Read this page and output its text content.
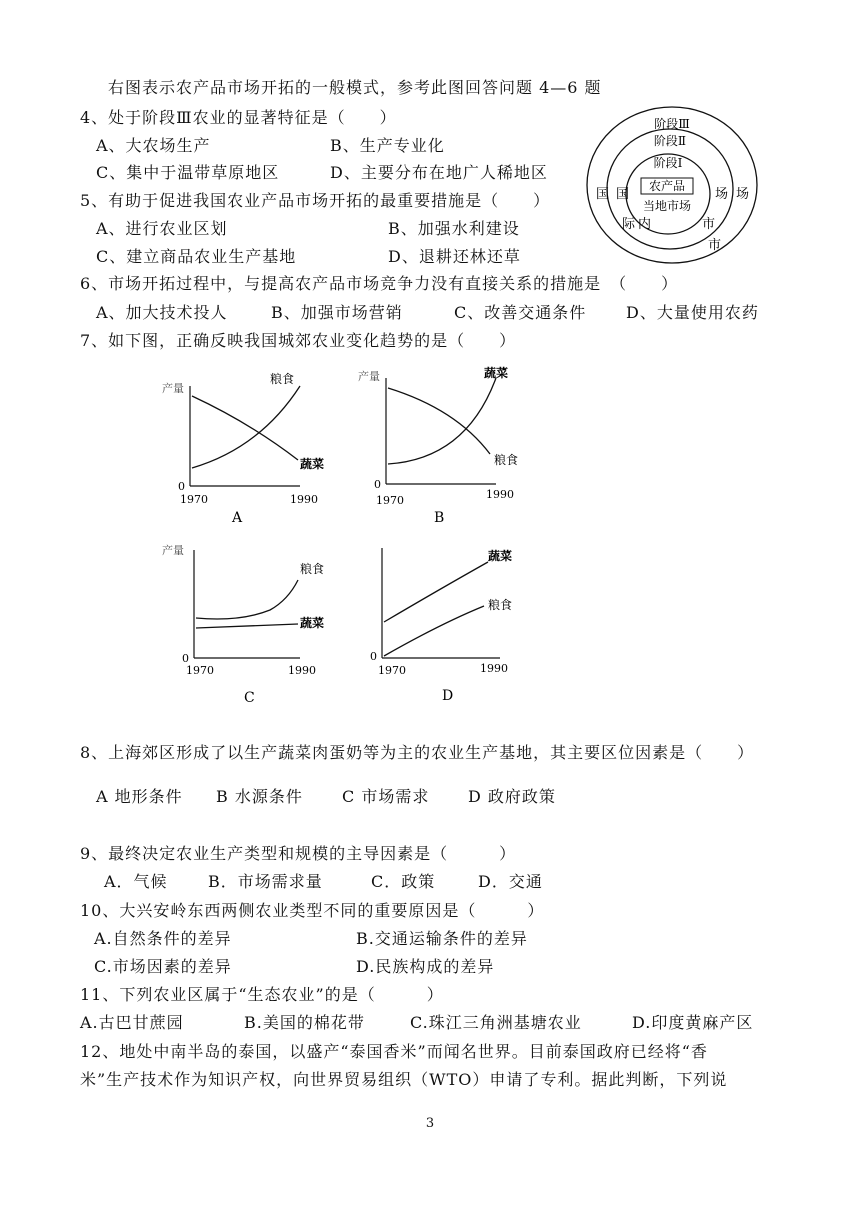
右图表示农产品市场开拓的一般模式，参考此图回答问题 4—6 题
4、处于阶段Ⅲ农业的显著特征是（　　）
A、大农场生产	B、生产专业化
C、集中于温带草原地区	D、主要分布在地广人稀地区
5、有助于促进我国农业产品市场开拓的最重要措施是（　　）
A、进行农业区划	B、加强水利建设
C、建立商品农业生产基地	D、退耕还林还草
阶段Ⅲ
阶段Ⅱ
阶段Ⅰ
农产品
当地市场
国 国
际 内	市
市
场 场
6、市场开拓过程中，与提高农产品市场竞争力没有直接关系的措施是　（　　）
A、加大技术投人	B、加强市场营销	C、改善交通条件 D、大量使用农药
7、如下图，正确反映我国城郊农业变化趋势的是（　　）
产量
粮食
蔬菜
0
1970	1990
A
产量	蔬菜
粮食
0
1970	1990
B
产量
粮食
蔬菜
0
1970	1990
C
蔬菜
粮食
0
1970	1990
D
8、上海郊区形成了以生产蔬菜肉蛋奶等为主的农业生产基地，其主要区位因素是（　　）
A 地形条件 B 水源条件 C 市场需求 D 政府政策
9、最终决定农业生产类型和规模的主导因素是（　　　）
A．气候	B．市场需求量	C．政策	D．交通
10、大兴安岭东西两侧农业类型不同的重要原因是（　　　）
A.自然条件的差异	B.交通运输条件的差异
C.市场因素的差异	D.民族构成的差异
11、下列农业区属于“生态农业”的是（　　　）
A.古巴甘蔗园	B.美国的棉花带	C.珠江三角洲基塘农业	D.印度黄麻产区
12、地处中南半岛的泰国，以盛产“泰国香米”而闻名世界。目前泰国政府已经将“香
米”生产技术作为知识产权，向世界贸易组织（WTO）申请了专利。据此判断，下列说
3
